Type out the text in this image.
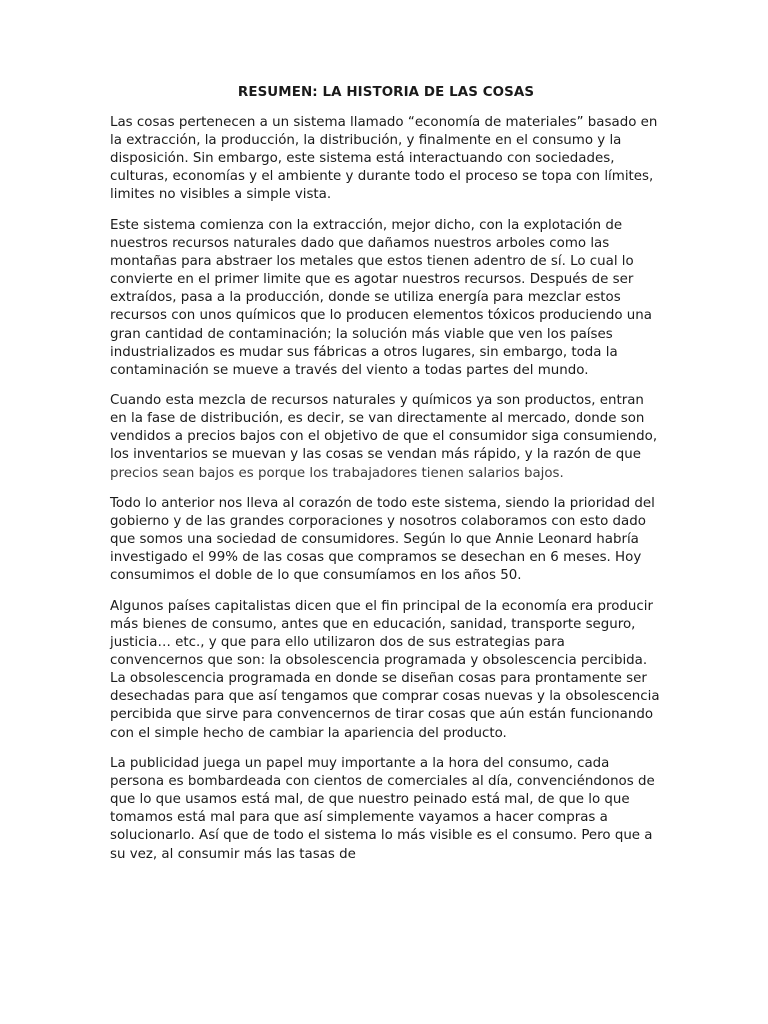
RESUMEN: LA HISTORIA DE LAS COSAS

Las cosas pertenecen a un sistema llamado “economía de materiales” basado en la extracción, la producción, la distribución, y finalmente en el consumo y la disposición. Sin embargo, este sistema está interactuando con sociedades, culturas, economías y el ambiente y durante todo el proceso se topa con límites, limites no visibles a simple vista.

Este sistema comienza con la extracción, mejor dicho, con la explotación de nuestros recursos naturales dado que dañamos nuestros arboles como las montañas para abstraer los metales que estos tienen adentro de sí. Lo cual lo convierte en el primer limite que es agotar nuestros recursos. Después de ser extraídos, pasa a la producción, donde se utiliza energía para mezclar estos recursos con unos químicos que lo producen elementos tóxicos produciendo una gran cantidad de contaminación; la solución más viable que ven los países industrializados es mudar sus fábricas a otros lugares, sin embargo, toda la contaminación se mueve a través del viento a todas partes del mundo.

Cuando esta mezcla de recursos naturales y químicos ya son productos, entran en la fase de distribución, es decir, se van directamente al mercado, donde son vendidos a precios bajos con el objetivo de que el consumidor siga consumiendo, los inventarios se muevan y las cosas se vendan más rápido, y la razón de que precios sean bajos es porque los trabajadores tienen salarios bajos.

Todo lo anterior nos lleva al corazón de todo este sistema, siendo la prioridad del gobierno y de las grandes corporaciones y nosotros colaboramos con esto dado que somos una sociedad de consumidores. Según lo que Annie Leonard habría investigado el 99% de las cosas que compramos se desechan en 6 meses. Hoy consumimos el doble de lo que consumíamos en los años 50.

Algunos países capitalistas dicen que el fin principal de la economía era producir más bienes de consumo, antes que en educación, sanidad, transporte seguro, justicia… etc., y que para ello utilizaron dos de sus estrategias para convencernos que son: la obsolescencia programada y obsolescencia percibida. La obsolescencia programada en donde se diseñan cosas para prontamente ser desechadas para que así tengamos que comprar cosas nuevas y la obsolescencia percibida que sirve para convencernos de tirar cosas que aún están funcionando con el simple hecho de cambiar la apariencia del producto.

La publicidad juega un papel muy importante a la hora del consumo, cada persona es bombardeada con cientos de comerciales al día, convenciéndonos de que lo que usamos está mal, de que nuestro peinado está mal, de que lo que tomamos está mal para que así simplemente vayamos a hacer compras a solucionarlo. Así que de todo el sistema lo más visible es el consumo. Pero que a su vez, al consumir más las tasas de
